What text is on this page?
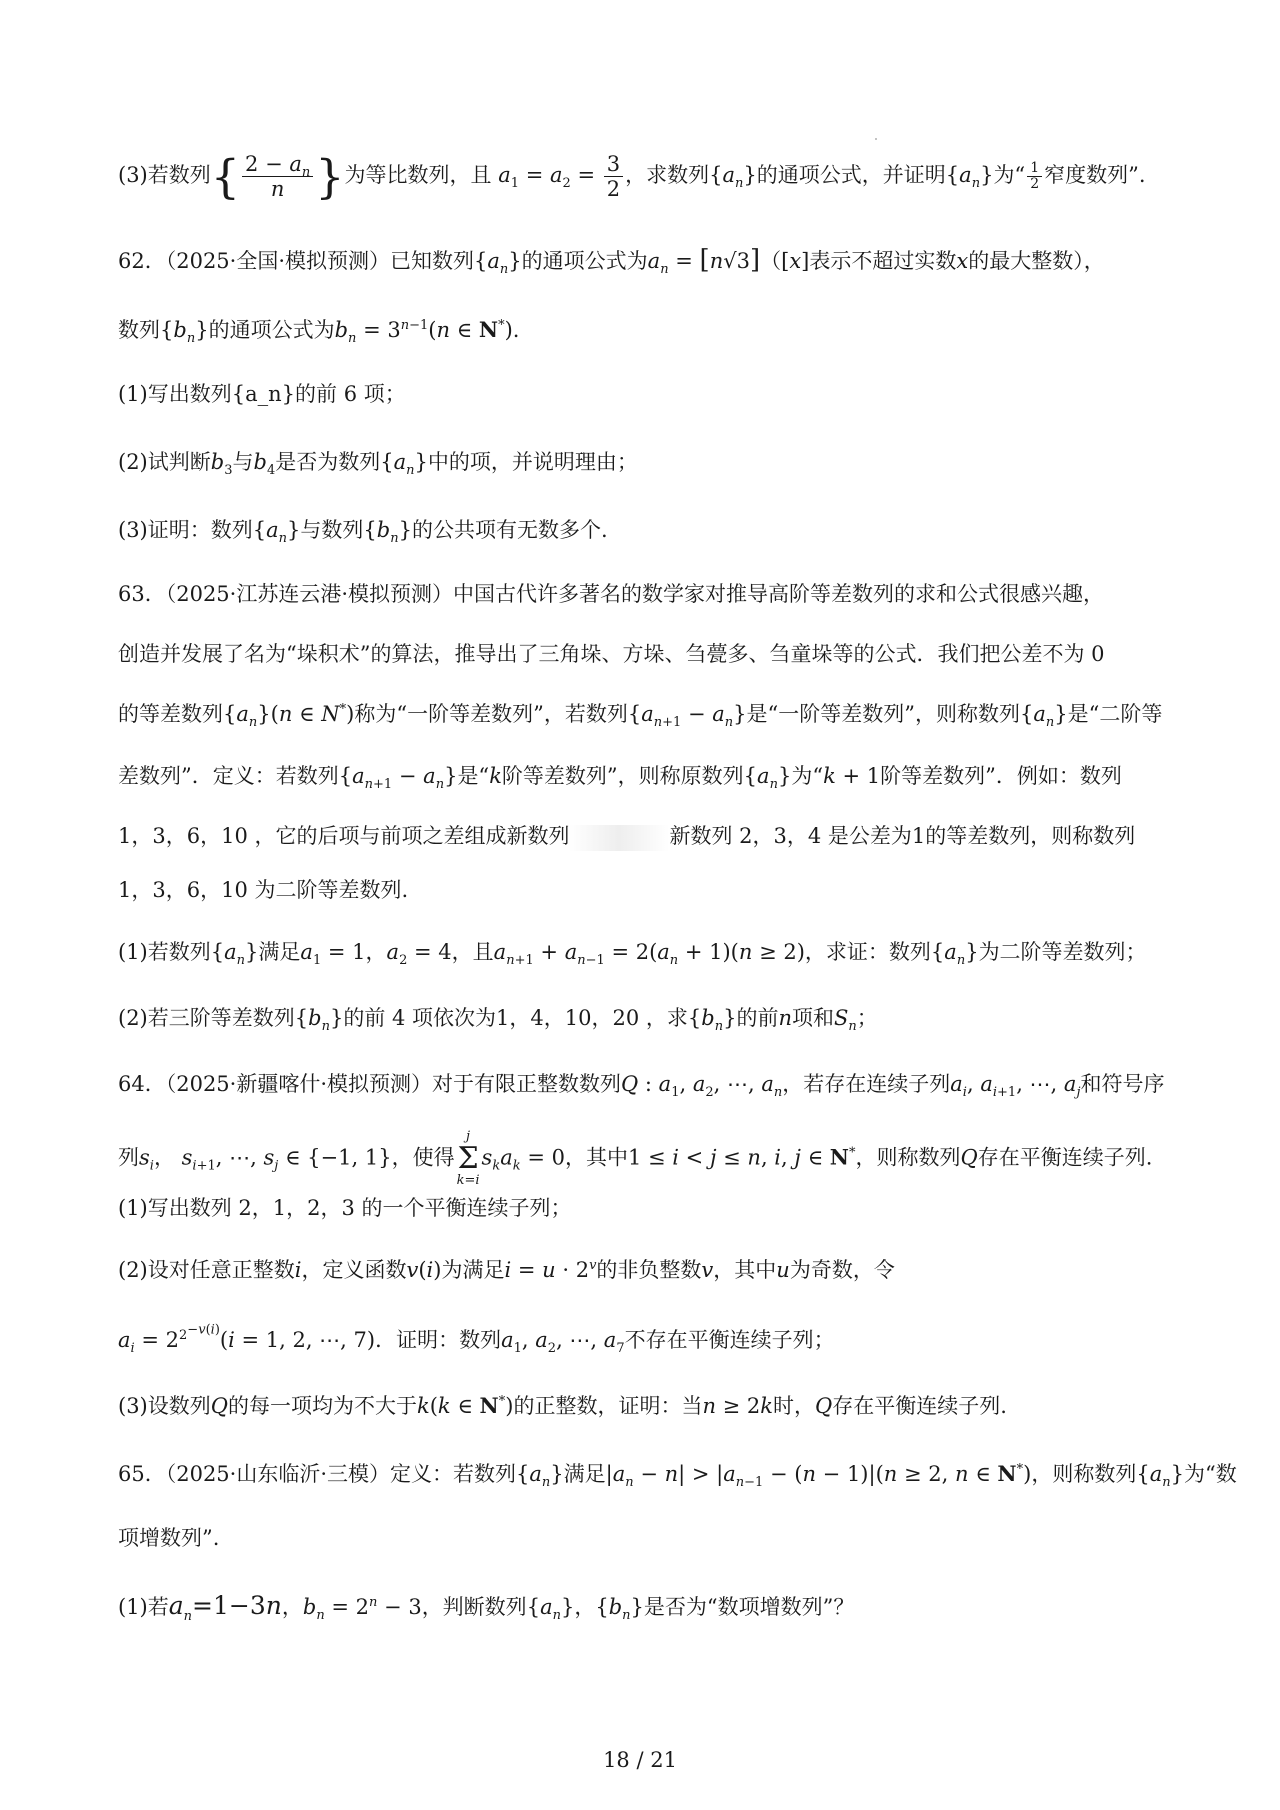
(3)若数列{ $\frac{2 - a_n}{n}$ }为等比数列，且 $a_1 = a_2 = \frac{3}{2}$ ，求数列$\{a_n\}$的通项公式，并证明$\{a_n\}$为“ $\frac{1}{2}$ 窄度数列”.
62．（2025·全国·模拟预测）已知数列$\{a_n\}$的通项公式为$a_n = [n√3]([x]$表示不超过实数x的最大整数），
数列$\{b_n\}$的通项公式为$b_n = 3^{n-1}(n$ ∈ N*).
(1)写出数列{a_n}的前 6 项；
(2)试判断$b_3$与$b_4$是否为数列$\{a_n\}$中的项，并说明理由；
(3)证明：数列$\{a_n\}$与数列$\{b_n\}$的公共项有无数多个.
63．（2025·江苏连云港·模拟预测）中国古代许多著名的数学家对推导高阶等差数列的求和公式很感兴趣，
创造并发展了名为“垛积术”的算法，推导出了三角垛、方垛、刍甍多、刍童垛等的公式．我们把公差不为 0
的等差数列$\{a_n\}(n$ ∈ N*)称为“一阶等差数列”，若数列$\{a_{n+1} - a_n\}$是“一阶等差数列”，则称数列$\{a_n\}$是“二阶等
差数列”．定义：若数列$\{a_{n+1} - a_n\}$是“k阶等差数列”，则称原数列$\{a_n\}$为“k + 1阶等差数列”．例如：数列
1，3，6，10 ，它的后项与前项之差组成新数列	新数列 2，3，4 是公差为1的等差数列，则称数列
1，3，6，10 为二阶等差数列.
(1)若数列$\{a_n\}$满足$a_1 = 1$，$a_2 = 4$，且$a_{n+1} + a_{n-1} = 2(a_n + 1)(n \ge 2)$，求证：数列$\{a_n\}$为二阶等差数列；
(2)若三阶等差数列$\{b_n\}$的前 4 项依次为1，4，10，20 ，求$\{b_n\}$的前n项和$S_n$；
64．（2025·新疆喀什·模拟预测）对于有限正整数数列Q : $a_1$, $a_2$, ⋯, $a_n$，若存在连续子列$a_i$, $a_{i+1}$, ⋯, $a_j$和符号序
列$s_i$， $s_{i+1}$, ⋯, $s_j$ ∈ {−1, 1}，使得j
Σ
$k=is_ka_k = 0$，其中1 ≤ i < j ≤ n, i, j ∈ N*，则称数列Q存在平衡连续子列.
(1)写出数列 2，1，2，3 的一个平衡连续子列；
(2)设对任意正整数i，定义函数v(i)为满足$i = u \cdot 2^v$的非负整数v，其中u为奇数，令
$a_i = 2^{2^{-v(i)}}(i = 1$, 2, ⋯, 7)．证明：数列$a_1$, $a_2$, ⋯, $a_7$不存在平衡连续子列；
(3)设数列Q的每一项均为不大于k(k ∈ N*)的正整数，证明：当n ≥ 2k时，Q存在平衡连续子列.
65．（2025·山东临沂·三模）定义：若数列$\{a_n\}$满足$|a_n - n| > |a_{n-1} - (n - 1)|(n \ge 2$, n ∈ N*)，则称数列$\{a_n\}$为“数
项增数列”.
(1)若$a_n=1-3n$，$b_n = 2^n - 3$，判断数列$\{a_n\}$，$\{b_n\}$是否为“数项增数列”？
18 / 21
